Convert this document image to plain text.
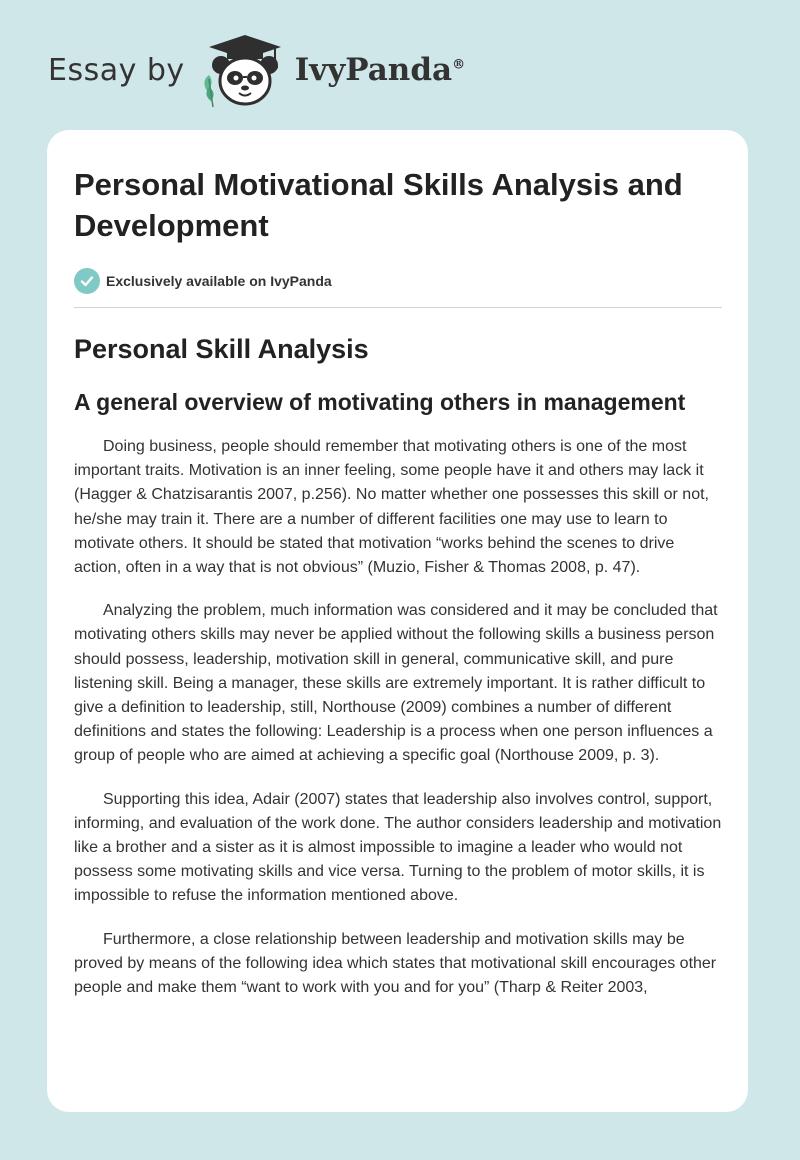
Essay by	IvyPanda®
Personal Motivational Skills Analysis and Development
Exclusively available on IvyPanda
Personal Skill Analysis
A general overview of motivating others in management

Doing business, people should remember that motivating others is one of the most important traits. Motivation is an inner feeling, some people have it and others may lack it (Hagger & Chatzisarantis 2007, p.256). No matter whether one possesses this skill or not, he/she may train it. There are a number of different facilities one may use to learn to motivate others. It should be stated that motivation “works behind the scenes to drive action, often in a way that is not obvious” (Muzio, Fisher & Thomas 2008, p. 47).

Analyzing the problem, much information was considered and it may be concluded that motivating others skills may never be applied without the following skills a business person should possess, leadership, motivation skill in general, communicative skill, and pure listening skill. Being a manager, these skills are extremely important. It is rather difficult to give a definition to leadership, still, Northouse (2009) combines a number of different definitions and states the following: Leadership is a process when one person influences a group of people who are aimed at achieving a specific goal (Northouse 2009, p. 3).

Supporting this idea, Adair (2007) states that leadership also involves control, support, informing, and evaluation of the work done. The author considers leadership and motivation like a brother and a sister as it is almost impossible to imagine a leader who would not possess some motivating skills and vice versa. Turning to the problem of motor skills, it is impossible to refuse the information mentioned above.

Furthermore, a close relationship between leadership and motivation skills may be proved by means of the following idea which states that motivational skill encourages other people and make them “want to work with you and for you” (Tharp & Reiter 2003,
